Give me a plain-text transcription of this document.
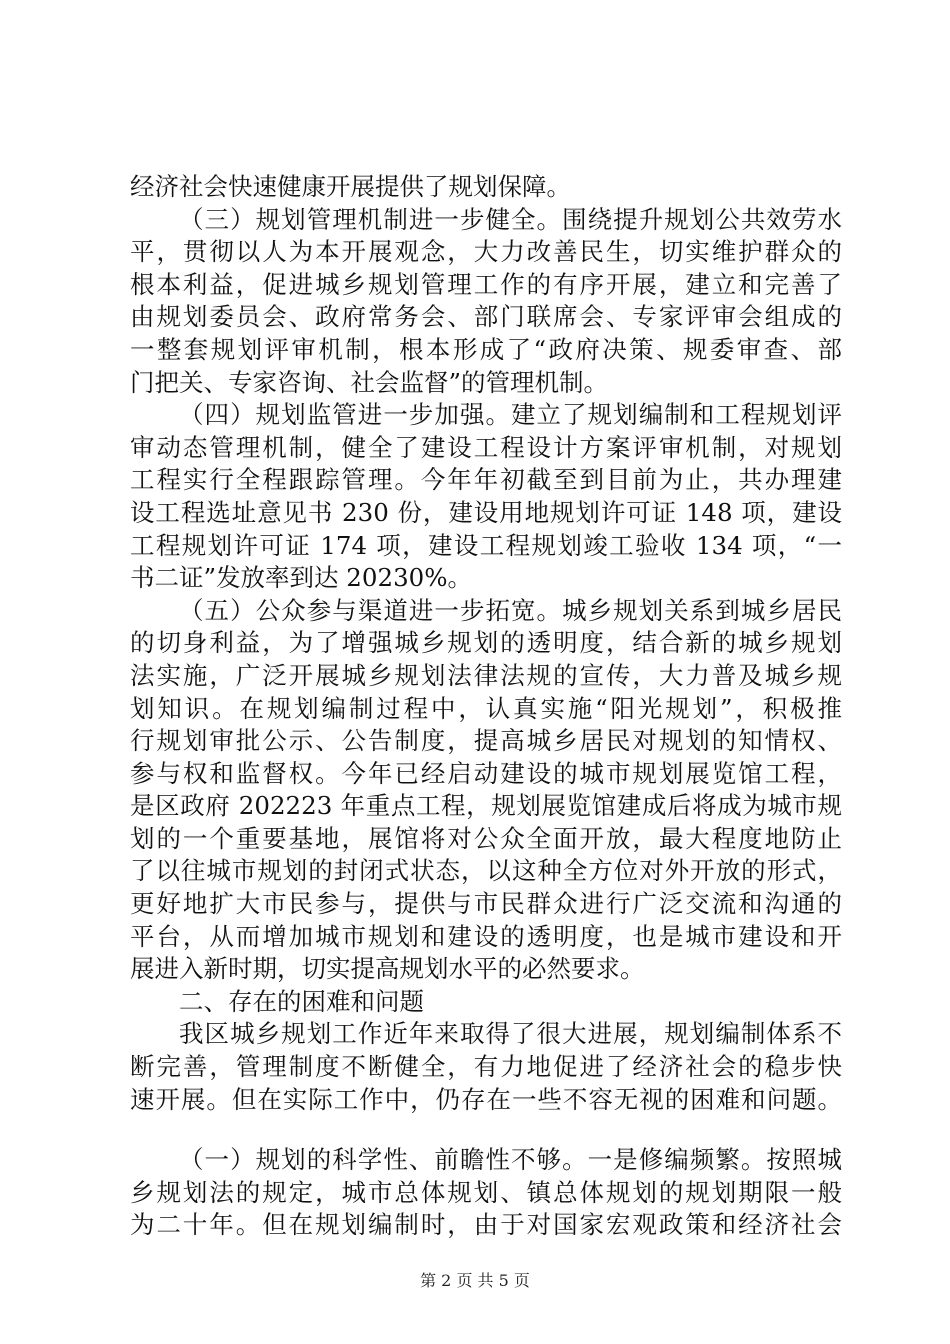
经济社会快速健康开展提供了规划保障。
（三）规划管理机制进一步健全。围绕提升规划公共效劳水
平，贯彻以人为本开展观念，大力改善民生，切实维护群众的
根本利益，促进城乡规划管理工作的有序开展，建立和完善了
由规划委员会、政府常务会、部门联席会、专家评审会组成的
一整套规划评审机制，根本形成了“政府决策、规委审查、部
门把关、专家咨询、社会监督”的管理机制。
（四）规划监管进一步加强。建立了规划编制和工程规划评
审动态管理机制，健全了建设工程设计方案评审机制，对规划
工程实行全程跟踪管理。今年年初截至到目前为止，共办理建
设工程选址意见书 230 份，建设用地规划许可证 148 项，建设
工程规划许可证 174 项，建设工程规划竣工验收 134 项，“一
书二证”发放率到达 20230%。
（五）公众参与渠道进一步拓宽。城乡规划关系到城乡居民
的切身利益，为了增强城乡规划的透明度，结合新的城乡规划
法实施，广泛开展城乡规划法律法规的宣传，大力普及城乡规
划知识。在规划编制过程中，认真实施“阳光规划”，积极推
行规划审批公示、公告制度，提高城乡居民对规划的知情权、
参与权和监督权。今年已经启动建设的城市规划展览馆工程，
是区政府 202223 年重点工程，规划展览馆建成后将成为城市规
划的一个重要基地，展馆将对公众全面开放，最大程度地防止
了以往城市规划的封闭式状态，以这种全方位对外开放的形式，
更好地扩大市民参与，提供与市民群众进行广泛交流和沟通的
平台，从而增加城市规划和建设的透明度，也是城市建设和开
展进入新时期，切实提高规划水平的必然要求。
二、存在的困难和问题
我区城乡规划工作近年来取得了很大进展，规划编制体系不
断完善，管理制度不断健全，有力地促进了经济社会的稳步快
速开展。但在实际工作中，仍存在一些不容无视的困难和问题。
（一）规划的科学性、前瞻性不够。一是修编频繁。按照城
乡规划法的规定，城市总体规划、镇总体规划的规划期限一般
为二十年。但在规划编制时，由于对国家宏观政策和经济社会
第 2 页 共 5 页
